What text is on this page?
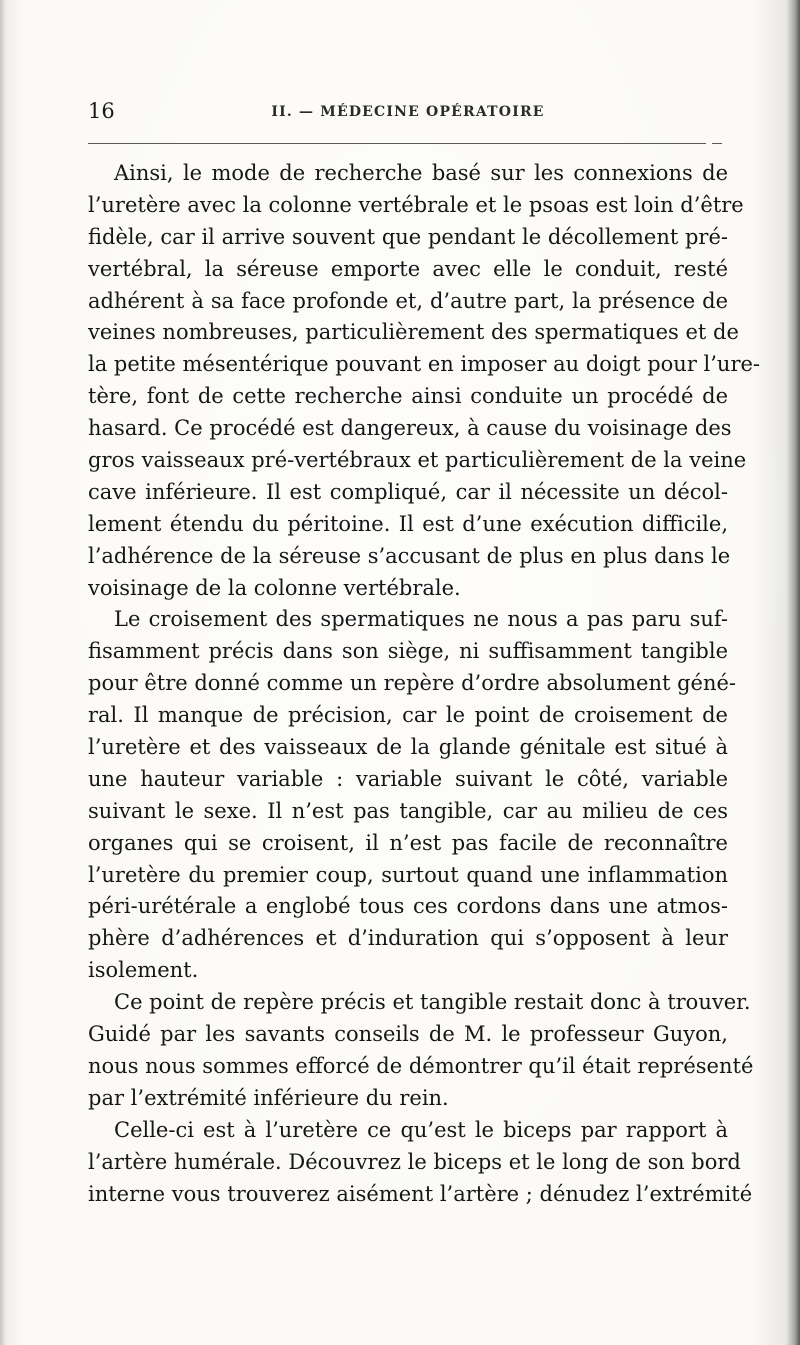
16	II. — MÉDECINE OPÉRATOIRE
Ainsi, le mode de recherche basé sur les connexions de
l’uretère avec la colonne vertébrale et le psoas est loin d’être
fidèle, car il arrive souvent que pendant le décollement pré-
vertébral, la séreuse emporte avec elle le conduit, resté
adhérent à sa face profonde et, d’autre part, la présence de
veines nombreuses, particulièrement des spermatiques et de
la petite mésentérique pouvant en imposer au doigt pour l’ure-
tère, font de cette recherche ainsi conduite un procédé de
hasard. Ce procédé est dangereux, à cause du voisinage des
gros vaisseaux pré-vertébraux et particulièrement de la veine
cave inférieure. Il est compliqué, car il nécessite un décol-
lement étendu du péritoine. Il est d’une exécution difficile,
l’adhérence de la séreuse s’accusant de plus en plus dans le
voisinage de la colonne vertébrale.
Le croisement des spermatiques ne nous a pas paru suf-
fisamment précis dans son siège, ni suffisamment tangible
pour être donné comme un repère d’ordre absolument géné-
ral. Il manque de précision, car le point de croisement de
l’uretère et des vaisseaux de la glande génitale est situé à
une hauteur variable : variable suivant le côté, variable
suivant le sexe. Il n’est pas tangible, car au milieu de ces
organes qui se croisent, il n’est pas facile de reconnaître
l’uretère du premier coup, surtout quand une inflammation
péri-urétérale a englobé tous ces cordons dans une atmos-
phère d’adhérences et d’induration qui s’opposent à leur
isolement.
Ce point de repère précis et tangible restait donc à trouver.
Guidé par les savants conseils de M. le professeur Guyon,
nous nous sommes efforcé de démontrer qu’il était représenté
par l’extrémité inférieure du rein.
Celle-ci est à l’uretère ce qu’est le biceps par rapport à
l’artère humérale. Découvrez le biceps et le long de son bord
interne vous trouverez aisément l’artère ; dénudez l’extrémité
